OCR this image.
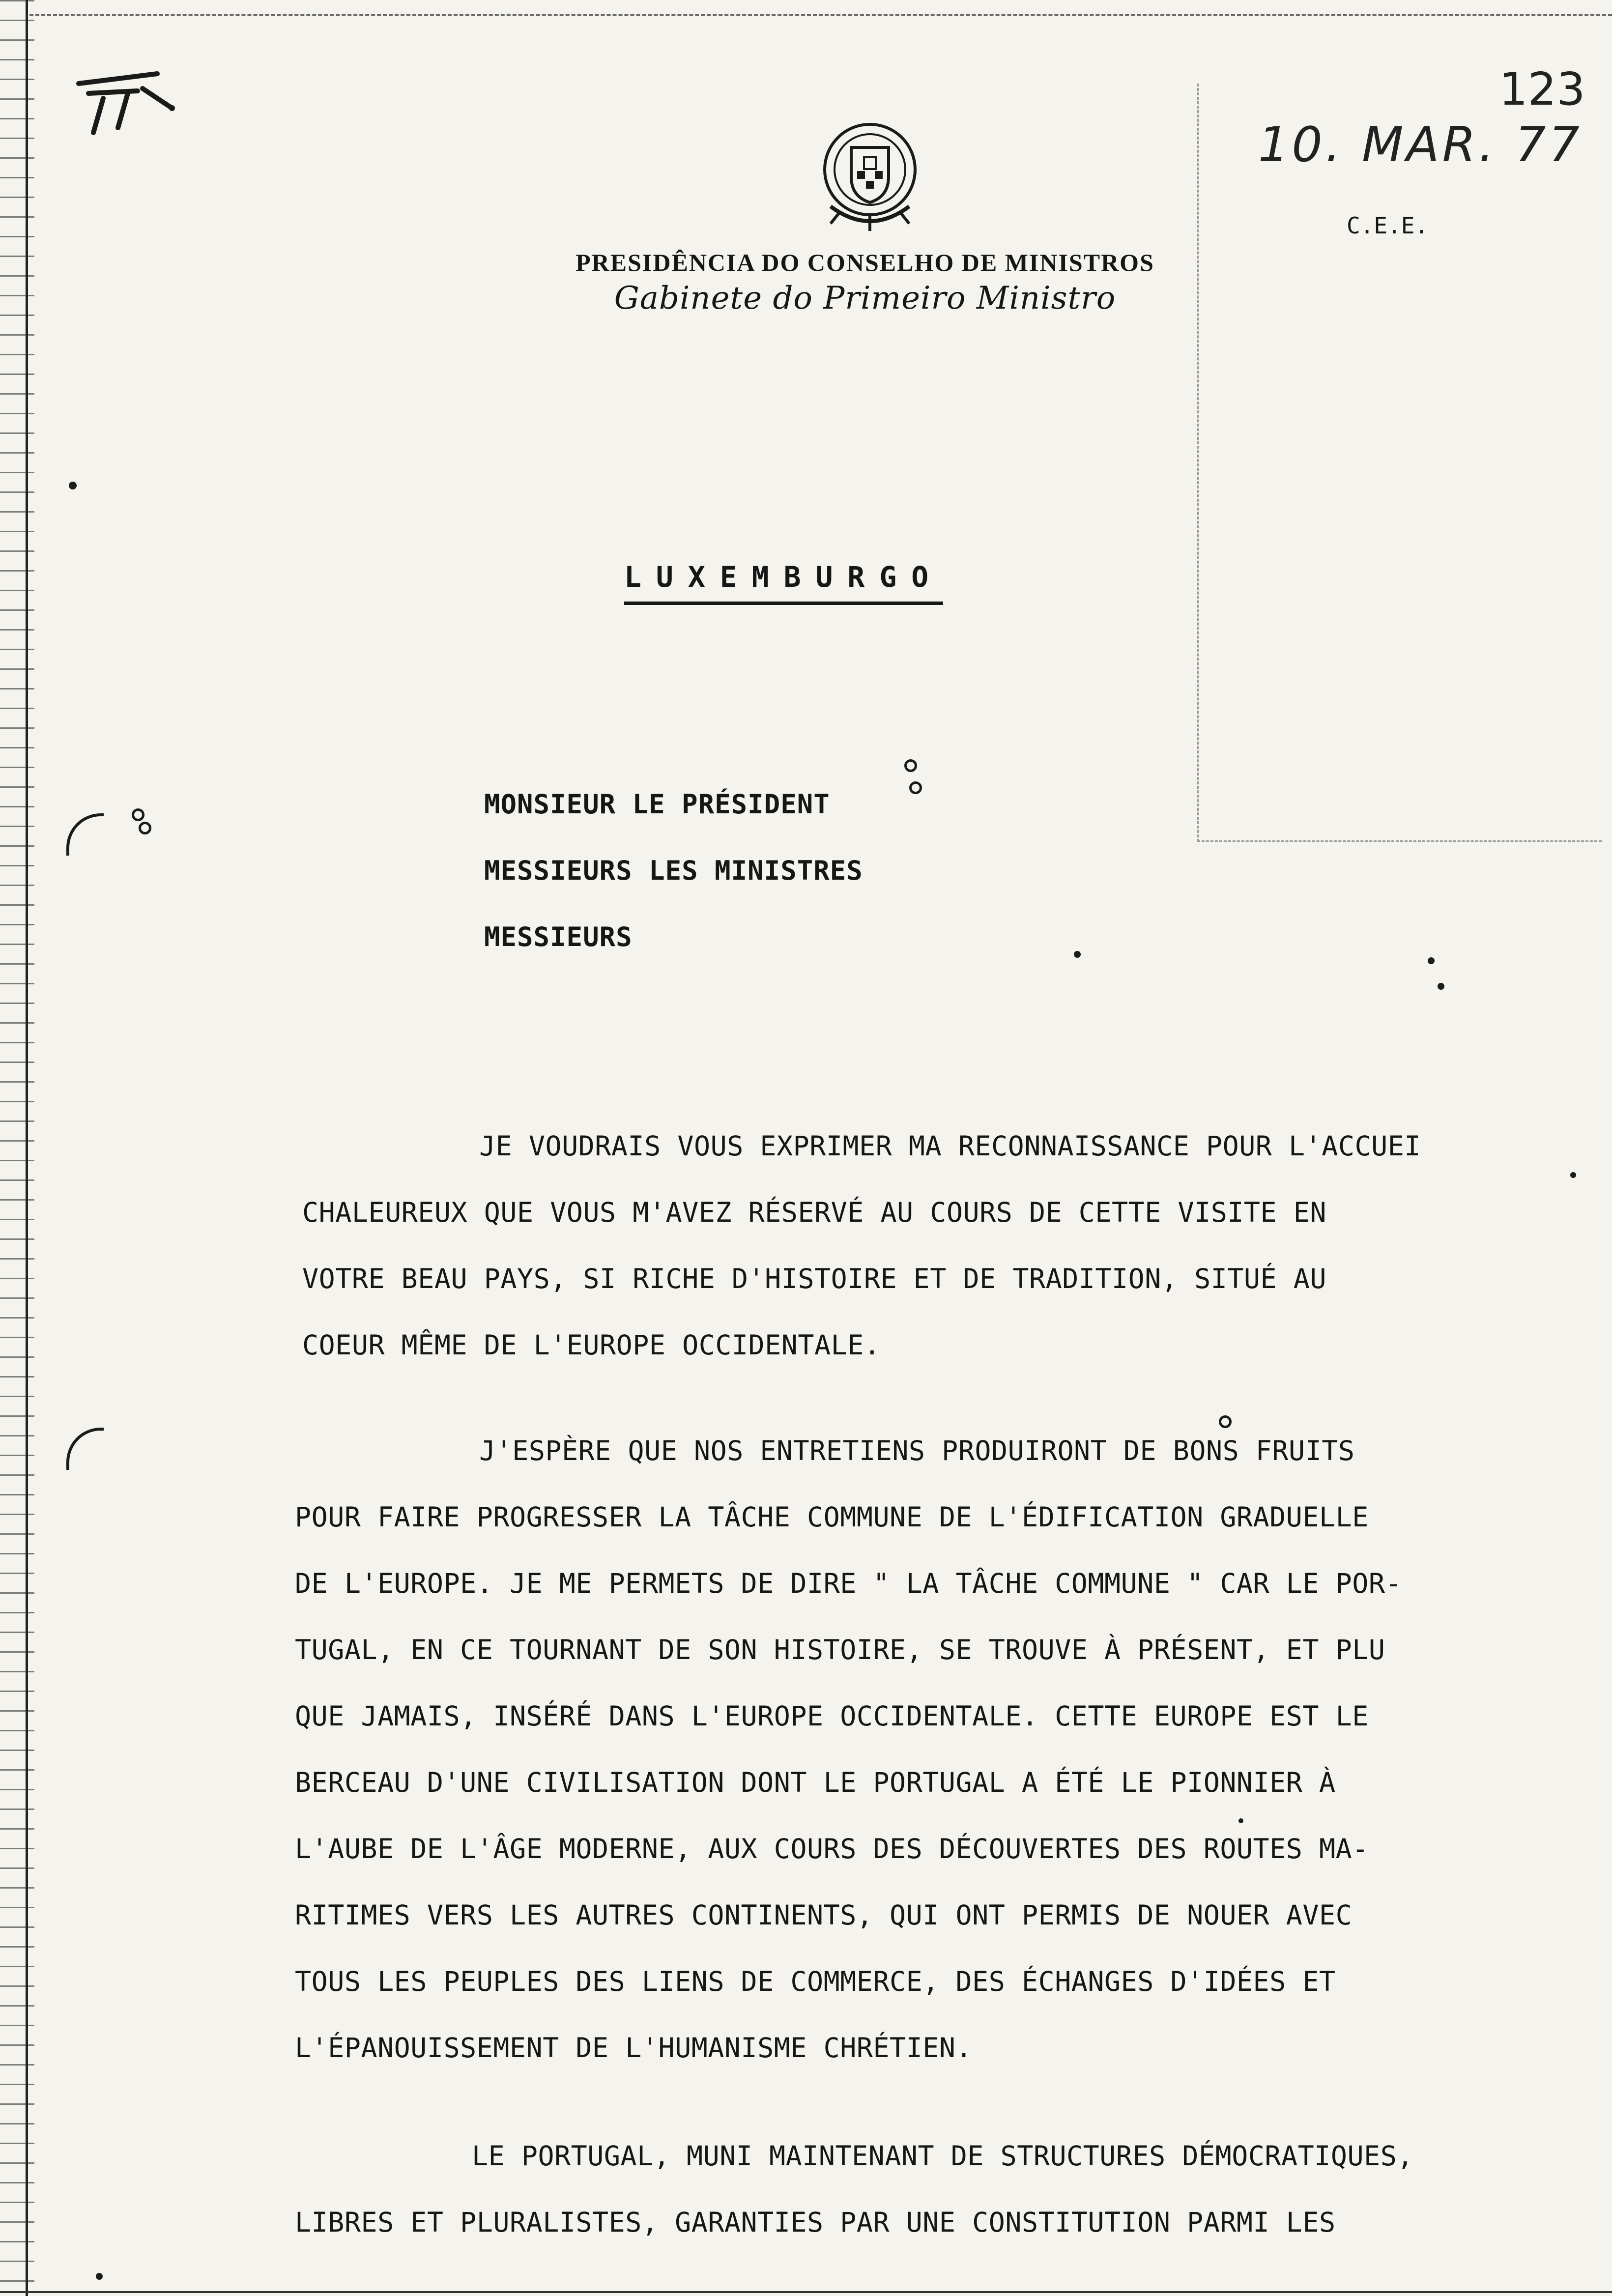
PRESIDÊNCIA DO CONSELHO DE MINISTROS
Gabinete do Primeiro Ministro
123
10. MAR. 77
C.E.E.
LUXEMBURGO
MONSIEUR LE PRÉSIDENT
MESSIEURS LES MINISTRES
MESSIEURS
JE VOUDRAIS VOUS EXPRIMER MA RECONNAISSANCE POUR L'ACCUEI
CHALEUREUX QUE VOUS M'AVEZ RÉSERVÉ AU COURS DE CETTE VISITE EN
VOTRE BEAU PAYS, SI RICHE D'HISTOIRE ET DE TRADITION, SITUÉ AU
COEUR MÊME DE L'EUROPE OCCIDENTALE.
J'ESPÈRE QUE NOS ENTRETIENS PRODUIRONT DE BONS FRUITS
POUR FAIRE PROGRESSER LA TÂCHE COMMUNE DE L'ÉDIFICATION GRADUELLE
DE L'EUROPE. JE ME PERMETS DE DIRE " LA TÂCHE COMMUNE " CAR LE POR-
TUGAL, EN CE TOURNANT DE SON HISTOIRE, SE TROUVE À PRÉSENT, ET PLU
QUE JAMAIS, INSÉRÉ DANS L'EUROPE OCCIDENTALE. CETTE EUROPE EST LE
BERCEAU D'UNE CIVILISATION DONT LE PORTUGAL A ÉTÉ LE PIONNIER À
L'AUBE DE L'ÂGE MODERNE, AUX COURS DES DÉCOUVERTES DES ROUTES MA-
RITIMES VERS LES AUTRES CONTINENTS, QUI ONT PERMIS DE NOUER AVEC
TOUS LES PEUPLES DES LIENS DE COMMERCE, DES ÉCHANGES D'IDÉES ET
L'ÉPANOUISSEMENT DE L'HUMANISME CHRÉTIEN.
LE PORTUGAL, MUNI MAINTENANT DE STRUCTURES DÉMOCRATIQUES,
LIBRES ET PLURALISTES, GARANTIES PAR UNE CONSTITUTION PARMI LES
